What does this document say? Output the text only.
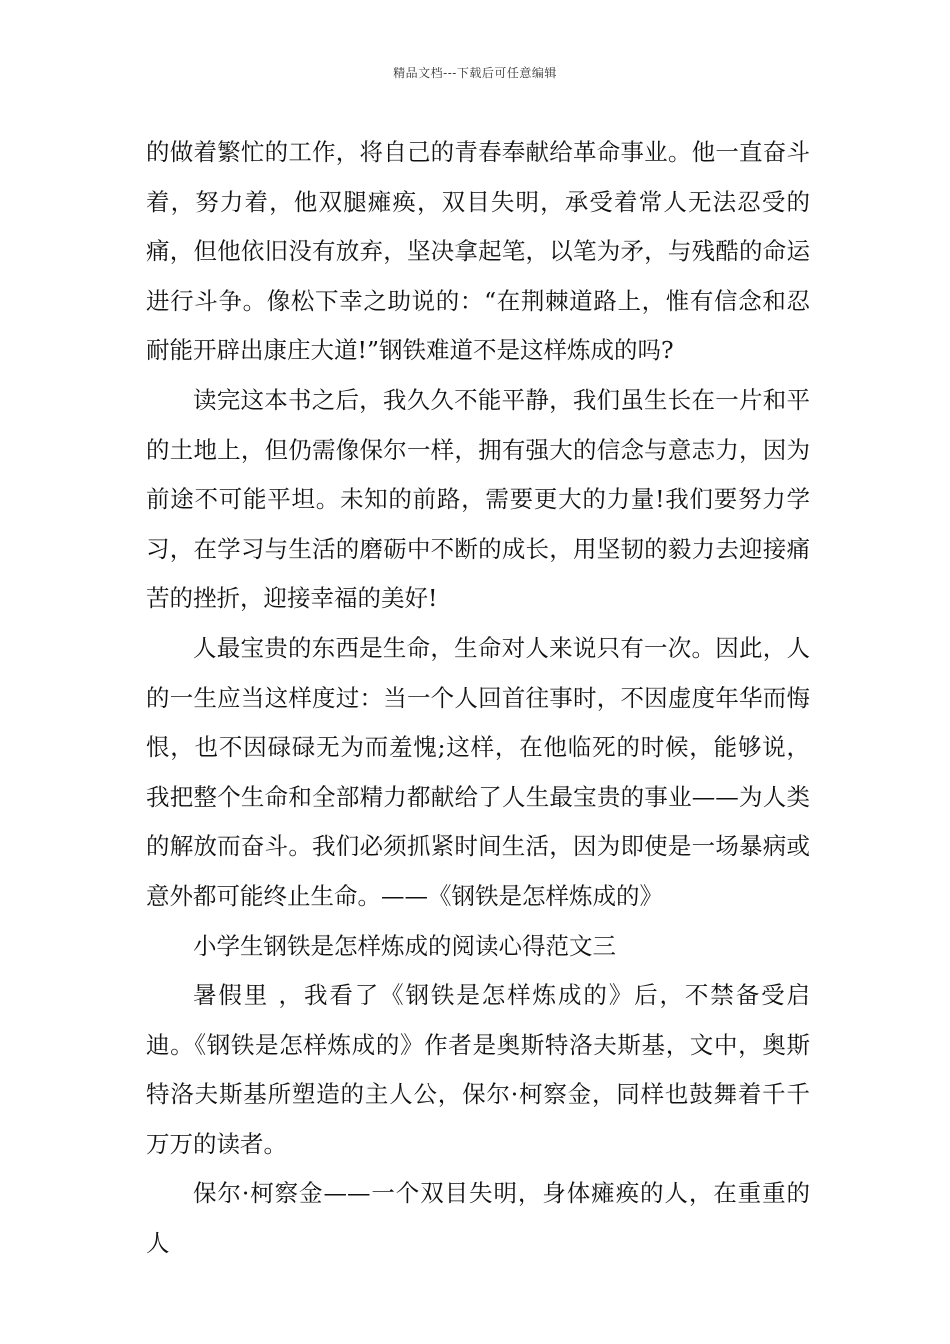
精品文档---下载后可任意编辑

的做着繁忙的工作，将自己的青春奉献给革命事业。他一直奋斗着，努力着，他双腿瘫痪，双目失明，承受着常人无法忍受的痛，但他依旧没有放弃，坚决拿起笔，以笔为矛，与残酷的命运进行斗争。像松下幸之助说的：“在荆棘道路上，惟有信念和忍耐能开辟出康庄大道!”钢铁难道不是这样炼成的吗?

读完这本书之后，我久久不能平静，我们虽生长在一片和平的土地上，但仍需像保尔一样，拥有强大的信念与意志力，因为前途不可能平坦。未知的前路，需要更大的力量!我们要努力学习，在学习与生活的磨砺中不断的成长，用坚韧的毅力去迎接痛苦的挫折，迎接幸福的美好!

人最宝贵的东西是生命，生命对人来说只有一次。因此，人的一生应当这样度过：当一个人回首往事时，不因虚度年华而悔恨，也不因碌碌无为而羞愧;这样，在他临死的时候，能够说，我把整个生命和全部精力都献给了人生最宝贵的事业——为人类的解放而奋斗。我们必须抓紧时间生活，因为即使是一场暴病或意外都可能终止生命。——《钢铁是怎样炼成的》

小学生钢铁是怎样炼成的阅读心得范文三

暑假里 ，我看了《钢铁是怎样炼成的》后，不禁备受启迪。《钢铁是怎样炼成的》作者是奥斯特洛夫斯基，文中，奥斯特洛夫斯基所塑造的主人公，保尔·柯察金，同样也鼓舞着千千万万的读者。

保尔·柯察金——一个双目失明，身体瘫痪的人，在重重的人
